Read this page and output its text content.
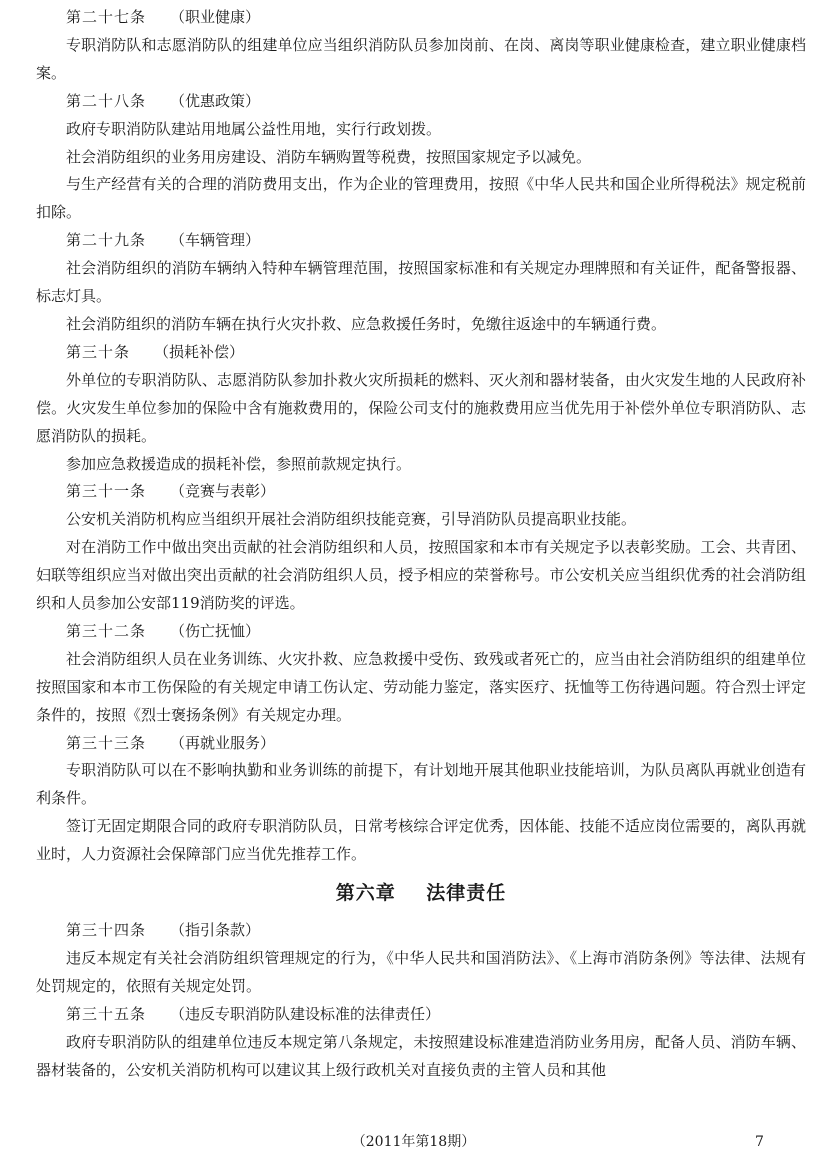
第二十七条 （职业健康）

专职消防队和志愿消防队的组建单位应当组织消防队员参加岗前、在岗、离岗等职业健康检查，建立职业健康档案。

第二十八条 （优惠政策）

政府专职消防队建站用地属公益性用地，实行行政划拨。

社会消防组织的业务用房建设、消防车辆购置等税费，按照国家规定予以减免。

与生产经营有关的合理的消防费用支出，作为企业的管理费用，按照《中华人民共和国企业所得税法》规定税前扣除。

第二十九条 （车辆管理）

社会消防组织的消防车辆纳入特种车辆管理范围，按照国家标准和有关规定办理牌照和有关证件，配备警报器、标志灯具。

社会消防组织的消防车辆在执行火灾扑救、应急救援任务时，免缴往返途中的车辆通行费。

第三十条 （损耗补偿）

外单位的专职消防队、志愿消防队参加扑救火灾所损耗的燃料、灭火剂和器材装备，由火灾发生地的人民政府补偿。火灾发生单位参加的保险中含有施救费用的，保险公司支付的施救费用应当优先用于补偿外单位专职消防队、志愿消防队的损耗。

参加应急救援造成的损耗补偿，参照前款规定执行。

第三十一条 （竞赛与表彰）

公安机关消防机构应当组织开展社会消防组织技能竞赛，引导消防队员提高职业技能。

对在消防工作中做出突出贡献的社会消防组织和人员，按照国家和本市有关规定予以表彰奖励。工会、共青团、妇联等组织应当对做出突出贡献的社会消防组织人员，授予相应的荣誉称号。市公安机关应当组织优秀的社会消防组织和人员参加公安部119消防奖的评选。

第三十二条 （伤亡抚恤）

社会消防组织人员在业务训练、火灾扑救、应急救援中受伤、致残或者死亡的，应当由社会消防组织的组建单位按照国家和本市工伤保险的有关规定申请工伤认定、劳动能力鉴定，落实医疗、抚恤等工伤待遇问题。符合烈士评定条件的，按照《烈士褒扬条例》有关规定办理。

第三十三条 （再就业服务）

专职消防队可以在不影响执勤和业务训练的前提下，有计划地开展其他职业技能培训，为队员离队再就业创造有利条件。

签订无固定期限合同的政府专职消防队员，日常考核综合评定优秀，因体能、技能不适应岗位需要的，离队再就业时，人力资源社会保障部门应当优先推荐工作。

第六章 法律责任

第三十四条 （指引条款）

违反本规定有关社会消防组织管理规定的行为，《中华人民共和国消防法》、《上海市消防条例》等法律、法规有处罚规定的，依照有关规定处罚。

第三十五条 （违反专职消防队建设标准的法律责任）

政府专职消防队的组建单位违反本规定第八条规定，未按照建设标准建造消防业务用房，配备人员、消防车辆、器材装备的，公安机关消防机构可以建议其上级行政机关对直接负责的主管人员和其他

（2011年第18期）	7
